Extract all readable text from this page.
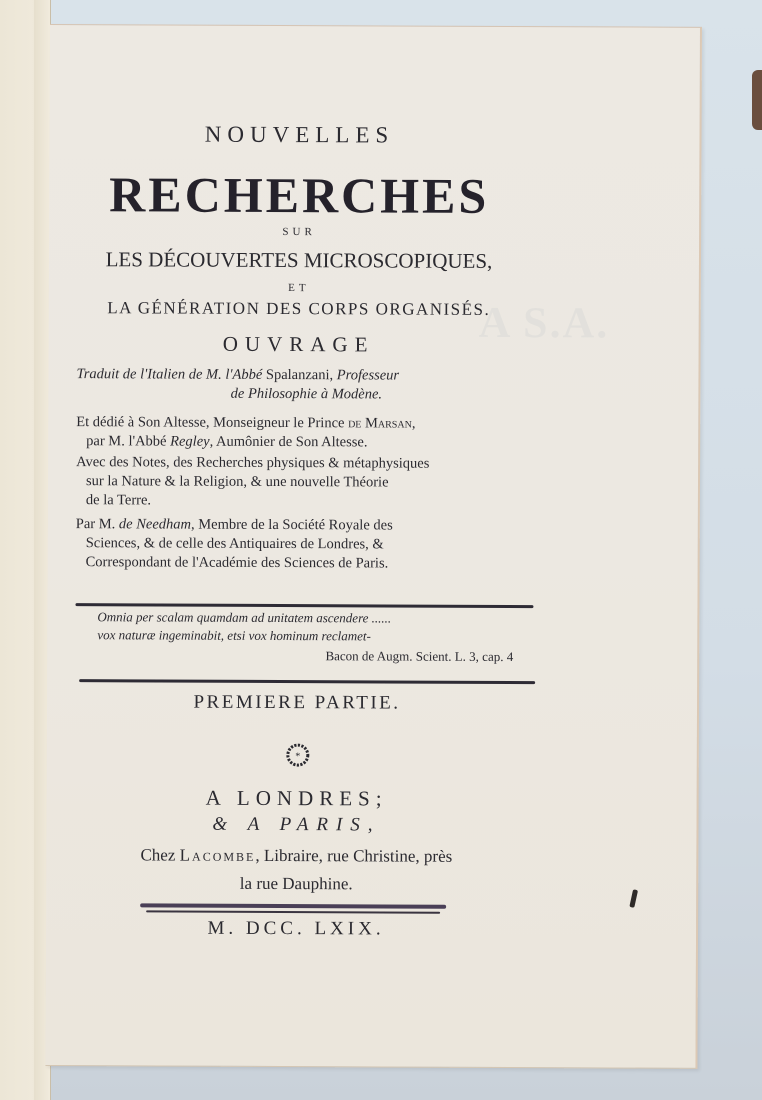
A S.A.
NOUVELLES
RECHERCHES
SUR
LES DÉCOUVERTES MICROSCOPIQUES,
ET
LA GÉNÉRATION DES CORPS ORGANISÉS.
OUVRAGE
Traduit de l'Italien de M. l'Abbé Spalanzani, Professeur
de Philosophie à Modène.
Et dédié à Son Altesse, Monseigneur le Prince de Marsan,
par M. l'Abbé Regley, Aumônier de Son Altesse.
Avec des Notes, des Recherches physiques & métaphysiques
sur la Nature & la Religion, & une nouvelle Théorie
de la Terre.
Par M. de Needham, Membre de la Société Royale des
Sciences, & de celle des Antiquaires de Londres, &
Correspondant de l'Académie des Sciences de Paris.
Omnia per scalam quamdam ad unitatem ascendere ......
vox naturæ ingeminabit, etsi vox hominum reclamet-
Bacon de Augm. Scient. L. 3, cap. 4
PREMIERE PARTIE.
*
A LONDRES;
& A PARIS,
Chez Lacombe, Libraire, rue Christine, près
la rue Dauphine.
M. DCC. LXIX.
